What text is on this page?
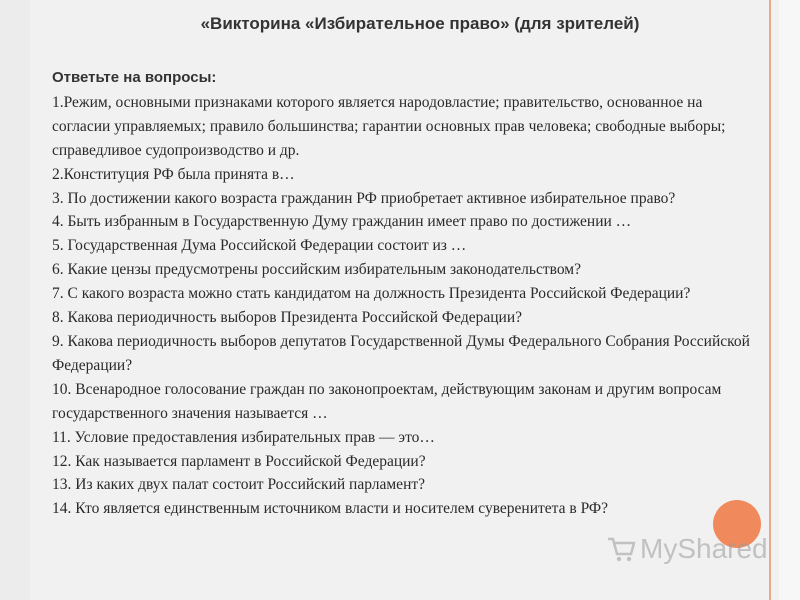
«Викторина «Избирательное право» (для зрителей)
Ответьте на вопросы:

1.Режим, основными признаками которого является народовластие; правительство, основанное на согласии управляемых; правило большинства; гарантии основных прав человека; свободные выборы; справедливое судопроизводство и др.

2.Конституция РФ была принята в…

3. По достижении какого возраста гражданин РФ приобретает активное избирательное право?

4. Быть избранным в Государственную Думу гражданин имеет право по достижении …

5. Государственная Дума Российской Федерации состоит из …

6. Какие цензы предусмотрены российским избирательным законодательством?

7. С какого возраста можно стать кандидатом на должность Президента Российской Федерации?

8. Какова периодичность выборов Президента Российской Федерации?

9. Какова периодичность выборов депутатов Государственной Думы Федерального Собрания Российской Федерации?

10. Всенародное голосование граждан по законопроектам, действующим законам и другим вопросам государственного значения называется …

11. Условие предоставления избирательных прав — это…

12. Как называется парламент в Российской Федерации?

13. Из каких двух палат состоит Российский парламент?

14. Кто является единственным источником власти и носителем суверенитета в РФ?

MyShared
